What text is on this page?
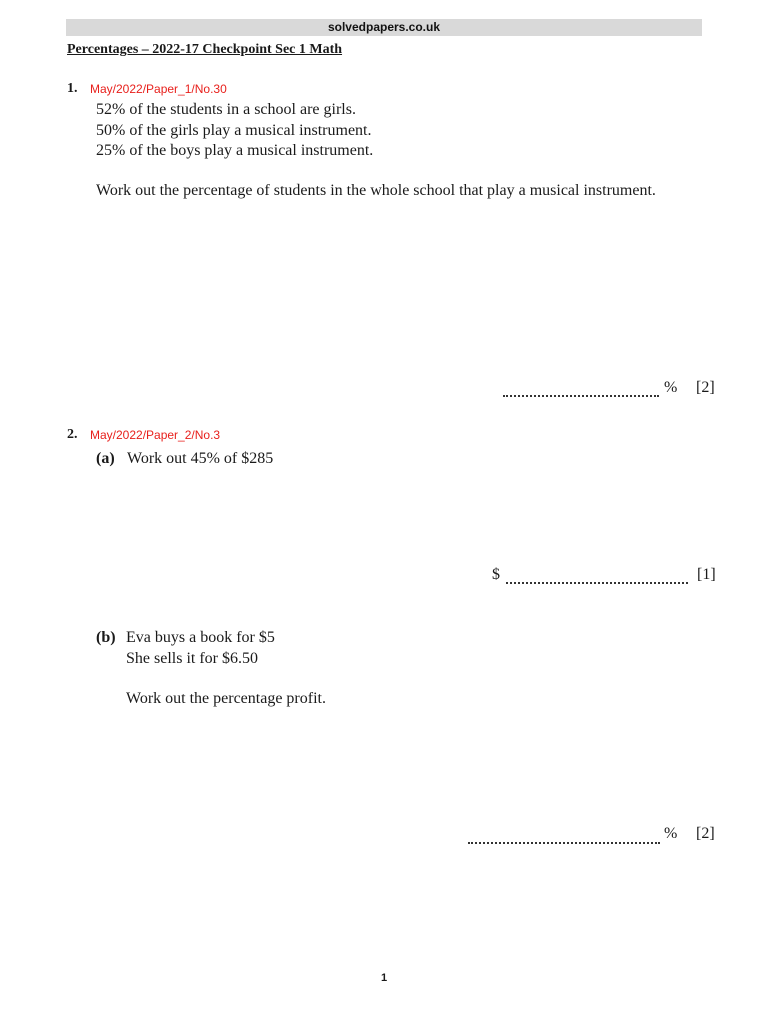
solvedpapers.co.uk
Percentages – 2022-17 Checkpoint Sec 1 Math
1. May/2022/Paper_1/No.30
52% of the students in a school are girls.
50% of the girls play a musical instrument.
25% of the boys play a musical instrument.
Work out the percentage of students in the whole school that play a musical instrument.
% [2]
2. May/2022/Paper_2/No.3
(a) Work out 45% of $285
$	[1]
(b) Eva buys a book for $5
She sells it for $6.50
Work out the percentage profit.
% [2]
1
